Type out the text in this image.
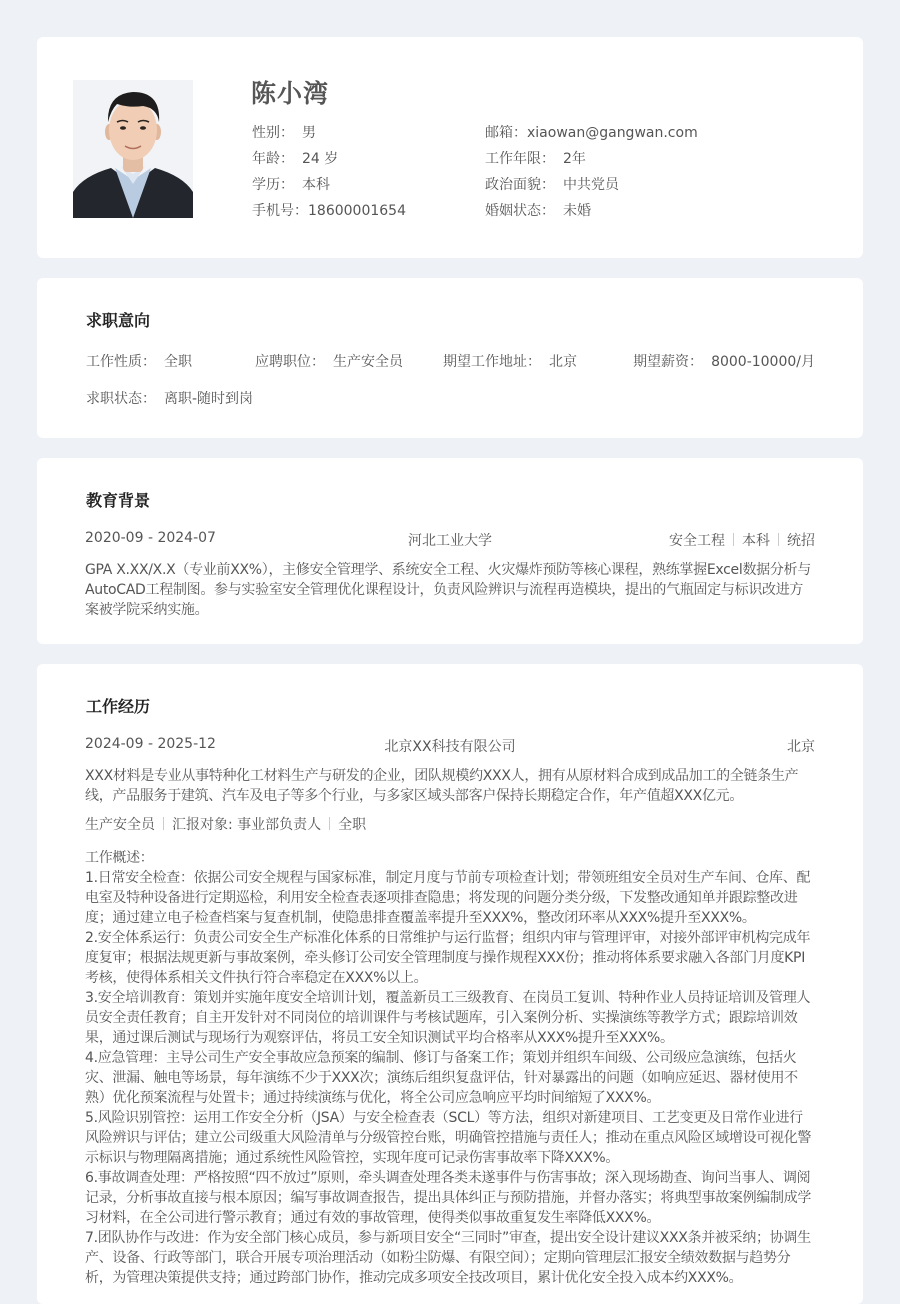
陈小湾
性别： 男
年龄： 24 岁
学历： 本科
手机号：18600001654
邮箱：xiaowan@gangwan.com
工作年限： 2年
政治面貌： 中共党员
婚姻状态： 未婚
求职意向
工作性质： 全职	应聘职位： 生产安全员	期望工作地址： 北京	期望薪资： 8000-10000/月
求职状态： 离职-随时到岗
教育背景
2020-09 - 2024-07	河北工业大学	安全工程 本科 统招
GPA X.XX/X.X（专业前XX%），主修安全管理学、系统安全工程、火灾爆炸预防等核心课程，熟练掌握Excel数据分析与AutoCAD工程制图。参与实验室安全管理优化课程设计，负责风险辨识与流程再造模块，提出的气瓶固定与标识改进方案被学院采纳实施。
工作经历
2024-09 - 2025-12	北京XX科技有限公司	北京
XXX材料是专业从事特种化工材料生产与研发的企业，团队规模约XXX人，拥有从原材料合成到成品加工的全链条生产线，产品服务于建筑、汽车及电子等多个行业，与多家区域头部客户保持长期稳定合作，年产值超XXX亿元。
生产安全员 汇报对象: 事业部负责人 全职
工作概述：
1.日常安全检查：依据公司安全规程与国家标准，制定月度与节前专项检查计划；带领班组安全员对生产车间、仓库、配电室及特种设备进行定期巡检，利用安全检查表逐项排查隐患；将发现的问题分类分级，下发整改通知单并跟踪整改进度；通过建立电子检查档案与复查机制，使隐患排查覆盖率提升至XXX%，整改闭环率从XXX%提升至XXX%。
2.安全体系运行：负责公司安全生产标准化体系的日常维护与运行监督；组织内审与管理评审，对接外部评审机构完成年度复审；根据法规更新与事故案例，牵头修订公司安全管理制度与操作规程XXX份；推动将体系要求融入各部门月度KPI考核，使得体系相关文件执行符合率稳定在XXX%以上。
3.安全培训教育：策划并实施年度安全培训计划，覆盖新员工三级教育、在岗员工复训、特种作业人员持证培训及管理人员安全责任教育；自主开发针对不同岗位的培训课件与考核试题库，引入案例分析、实操演练等教学方式；跟踪培训效果，通过课后测试与现场行为观察评估，将员工安全知识测试平均合格率从XXX%提升至XXX%。
4.应急管理：主导公司生产安全事故应急预案的编制、修订与备案工作；策划并组织车间级、公司级应急演练，包括火灾、泄漏、触电等场景，每年演练不少于XXX次；演练后组织复盘评估，针对暴露出的问题（如响应延迟、器材使用不熟）优化预案流程与处置卡；通过持续演练与优化，将全公司应急响应平均时间缩短了XXX%。
5.风险识别管控：运用工作安全分析（JSA）与安全检查表（SCL）等方法，组织对新建项目、工艺变更及日常作业进行风险辨识与评估；建立公司级重大风险清单与分级管控台账，明确管控措施与责任人；推动在重点风险区域增设可视化警示标识与物理隔离措施；通过系统性风险管控，实现年度可记录伤害事故率下降XXX%。
6.事故调查处理：严格按照“四不放过”原则，牵头调查处理各类未遂事件与伤害事故；深入现场勘查、询问当事人、调阅记录，分析事故直接与根本原因；编写事故调查报告，提出具体纠正与预防措施，并督办落实；将典型事故案例编制成学习材料，在全公司进行警示教育；通过有效的事故管理，使得类似事故重复发生率降低XXX%。
7.团队协作与改进：作为安全部门核心成员，参与新项目安全“三同时”审查，提出安全设计建议XXX条并被采纳；协调生产、设备、行政等部门，联合开展专项治理活动（如粉尘防爆、有限空间）；定期向管理层汇报安全绩效数据与趋势分析，为管理决策提供支持；通过跨部门协作，推动完成多项安全技改项目，累计优化安全投入成本约XXX%。
